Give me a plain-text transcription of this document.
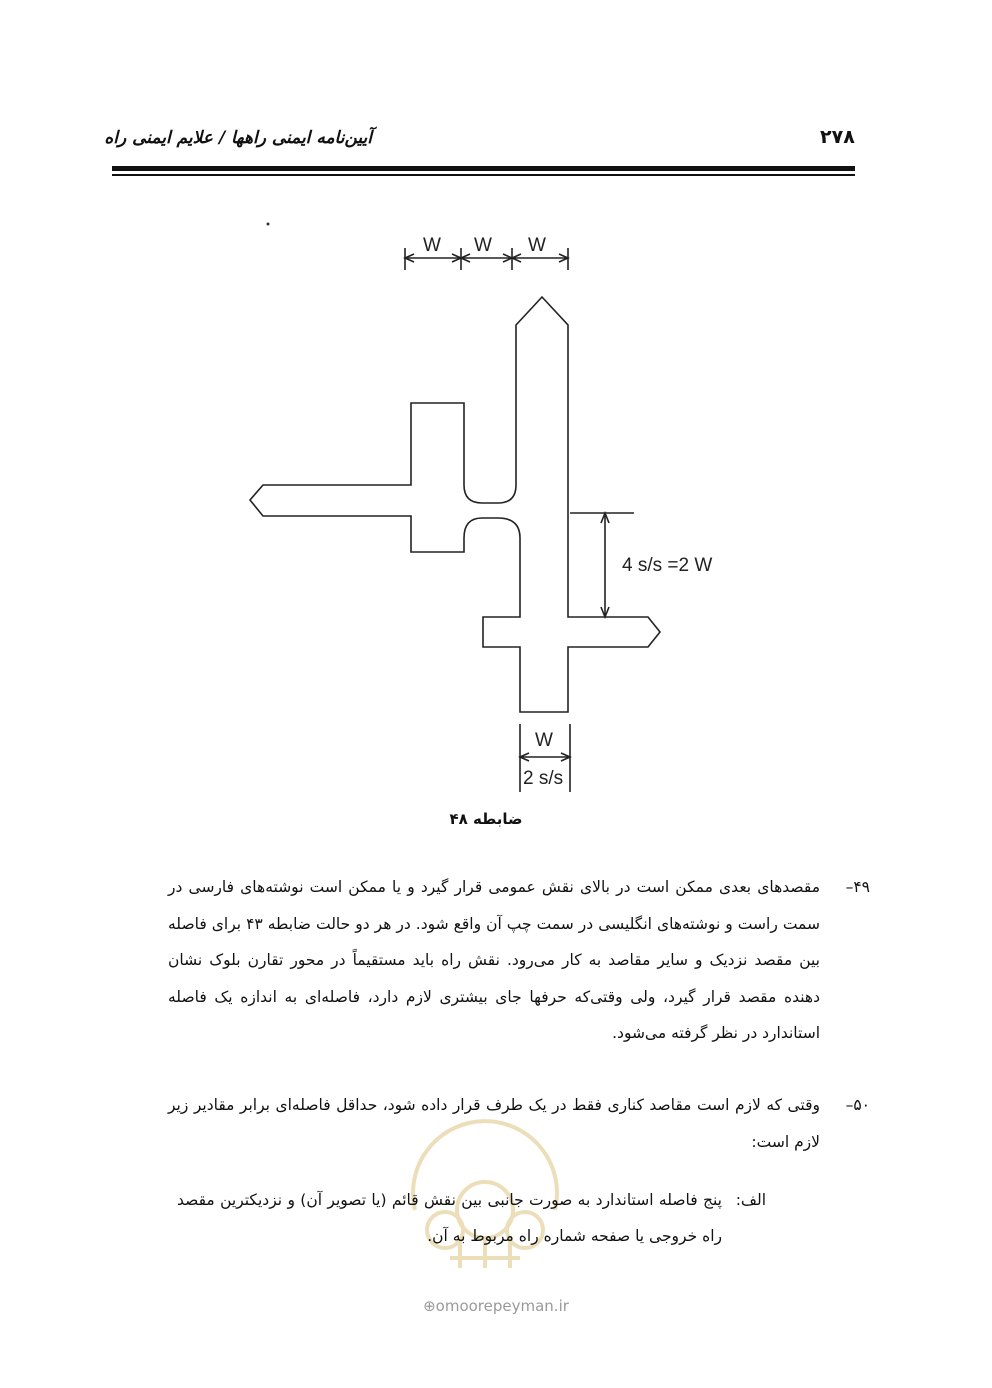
آیین‌نامه ایمنی راهها / علایم ایمنی راه	۲۷۸
W W W
4 s/s =2 W
W
2 s/s
ضابطه ۴۸
۴۹–
مقصدهای بعدی ممکن است در بالای نقش عمومی قرار گیرد و یا ممکن است نوشته‌های فارسی در سمت راست و نوشته‌های انگلیسی در سمت چپ آن واقع شود. در هر دو حالت ضابطه ۴۳ برای فاصله بین مقصد نزدیک و سایر مقاصد به کار می‌رود. نقش راه باید مستقیماً در محور تقارن بلوک نشان دهنده مقصد قرار گیرد، ولی وقتی‌که حرفها جای بیشتری لازم دارد، فاصله‌ای به اندازه یک فاصله استاندارد در نظر گرفته می‌شود.
۵۰–
وقتی که لازم است مقاصد کناری فقط در یک طرف قرار داده شود، حداقل فاصله‌ای برابر مقادیر زیر لازم است:
الف:
پنج فاصله استاندارد به صورت جانبی بین نقش قائم (یا تصویر آن) و نزدیکترین مقصد راه خروجی یا صفحه شماره راه مربوط به آن.
⊕omoorepeyman.ir
